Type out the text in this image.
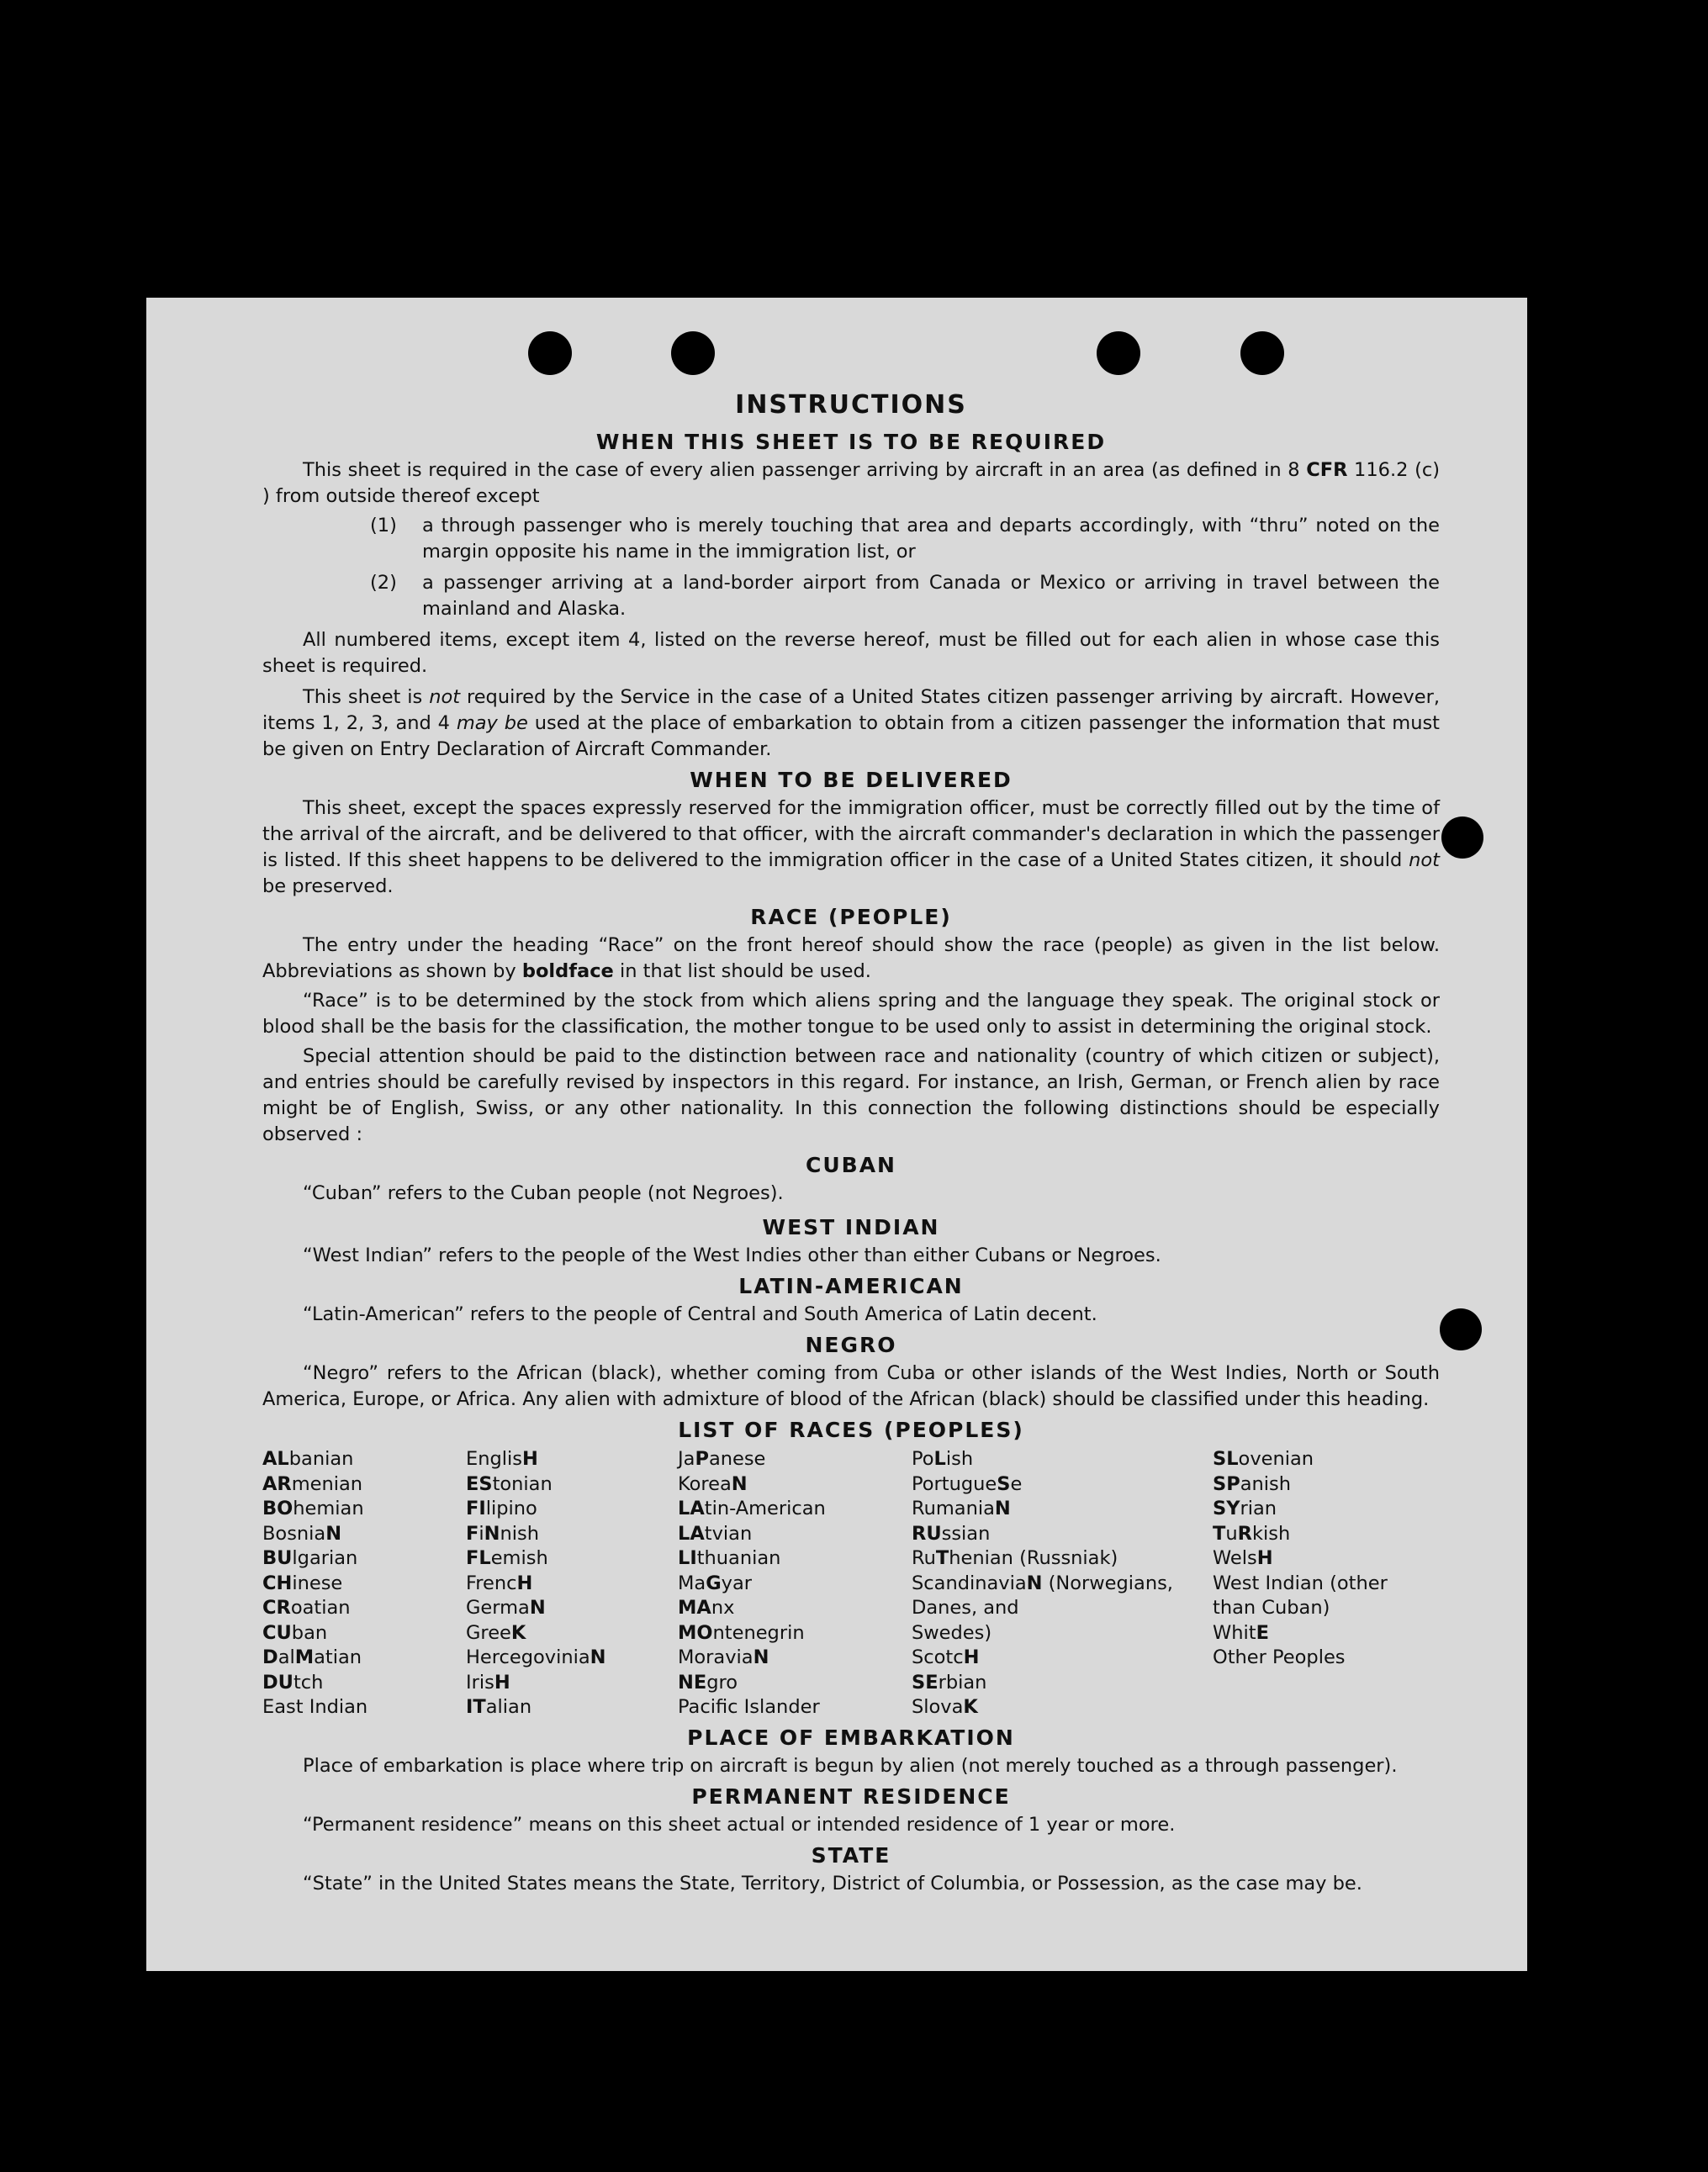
INSTRUCTIONS
WHEN THIS SHEET IS TO BE REQUIRED

This sheet is required in the case of every alien passenger arriving by aircraft in an area (as defined in 8 CFR 116.2 (c) ) from outside thereof except

(1)	a through passenger who is merely touching that area and departs accordingly, with “thru” noted on the margin opposite his name in the immigration list, or
(2)	a passenger arriving at a land-border airport from Canada or Mexico or arriving in travel between the mainland and Alaska.

All numbered items, except item 4, listed on the reverse hereof, must be filled out for each alien in whose case this sheet is required.

This sheet is not required by the Service in the case of a United States citizen passenger arriving by aircraft. However, items 1, 2, 3, and 4 may be used at the place of embarkation to obtain from a citizen passenger the information that must be given on Entry Declaration of Aircraft Commander.

WHEN TO BE DELIVERED

This sheet, except the spaces expressly reserved for the immigration officer, must be correctly filled out by the time of the arrival of the aircraft, and be delivered to that officer, with the aircraft commander's declaration in which the passenger is listed. If this sheet happens to be delivered to the immigration officer in the case of a United States citizen, it should not be preserved.

RACE (PEOPLE)

The entry under the heading “Race” on the front hereof should show the race (people) as given in the list below. Abbreviations as shown by boldface in that list should be used.

“Race” is to be determined by the stock from which aliens spring and the language they speak. The original stock or blood shall be the basis for the classification, the mother tongue to be used only to assist in determining the original stock.

Special attention should be paid to the distinction between race and nationality (country of which citizen or subject), and entries should be carefully revised by inspectors in this regard. For instance, an Irish, German, or French alien by race might be of English, Swiss, or any other nationality. In this connection the following distinctions should be especially observed :

CUBAN

“Cuban” refers to the Cuban people (not Negroes).

WEST INDIAN

“West Indian” refers to the people of the West Indies other than either Cubans or Negroes.

LATIN-AMERICAN

“Latin-American” refers to the people of Central and South America of Latin decent.

NEGRO

“Negro” refers to the African (black), whether coming from Cuba or other islands of the West Indies, North or South America, Europe, or Africa. Any alien with admixture of blood of the African (black) should be classified under this heading.

LIST OF RACES (PEOPLES)
ALbanian
ARmenian
BOhemian
BosniaN
BUlgarian
CHinese
CRoatian
CUban
DalMatian
DUtch
East Indian
EnglisH
EStonian
FIlipino
FiNnish
FLemish
FrencH
GermaN
GreeK
HercegoviniaN
IrisH
ITalian
JaPanese
KoreaN
LAtin-American
LAtvian
LIthuanian
MaGyar
MAnx
MOntenegrin
MoraviaN
NEgro
Pacific Islander
PoLish
PortugueSe
RumaniaN
RUssian
RuThenian (Russniak)
ScandinaviaN (Norwegians,
Danes, and
Swedes)
ScotcH
SErbian
SlovaK
SLovenian
SPanish
SYrian
TuRkish
WelsH
West Indian (other
than Cuban)
WhitE
Other Peoples
PLACE OF EMBARKATION

Place of embarkation is place where trip on aircraft is begun by alien (not merely touched as a through passenger).

PERMANENT RESIDENCE

“Permanent residence” means on this sheet actual or intended residence of 1 year or more.

STATE

“State” in the United States means the State, Territory, District of Columbia, or Possession, as the case may be.
